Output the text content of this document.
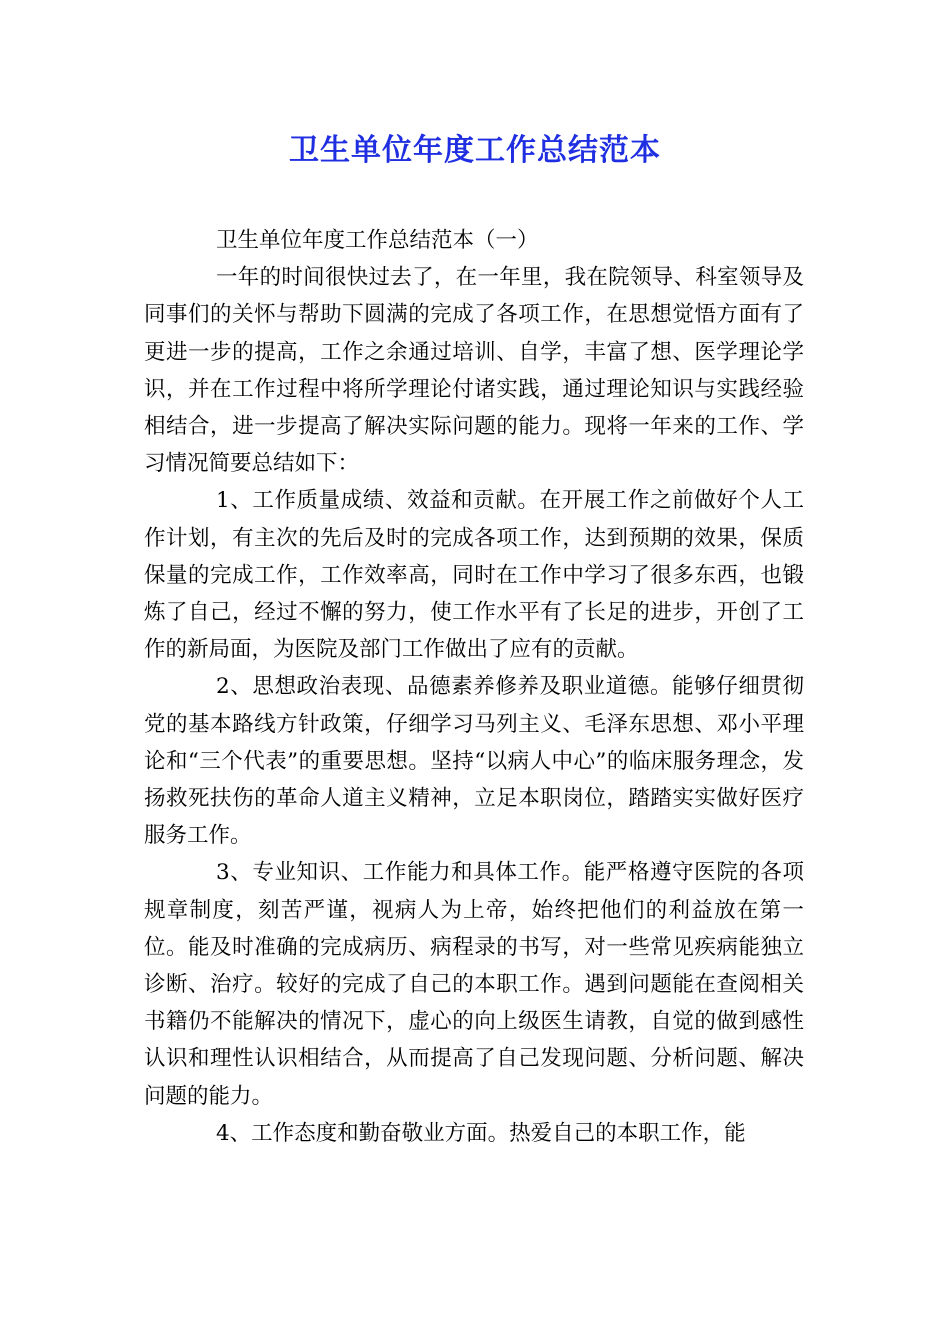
卫生单位年度工作总结范本

卫生单位年度工作总结范本（一）

一年的时间很快过去了，在一年里，我在院领导、科室领导及同事们的关怀与帮助下圆满的完成了各项工作，在思想觉悟方面有了更进一步的提高，工作之余通过培训、自学，丰富了想、医学理论学识，并在工作过程中将所学理论付诸实践，通过理论知识与实践经验相结合，进一步提高了解决实际问题的能力。现将一年来的工作、学习情况简要总结如下：

1、工作质量成绩、效益和贡献。在开展工作之前做好个人工作计划，有主次的先后及时的完成各项工作，达到预期的效果，保质保量的完成工作，工作效率高，同时在工作中学习了很多东西，也锻炼了自己，经过不懈的努力，使工作水平有了长足的进步，开创了工作的新局面，为医院及部门工作做出了应有的贡献。

2、思想政治表现、品德素养修养及职业道德。能够仔细贯彻党的基本路线方针政策，仔细学习马列主义、毛泽东思想、邓小平理论和“三个代表”的重要思想。坚持“以病人中心”的临床服务理念，发扬救死扶伤的革命人道主义精神，立足本职岗位，踏踏实实做好医疗服务工作。

3、专业知识、工作能力和具体工作。能严格遵守医院的各项规章制度，刻苦严谨，视病人为上帝，始终把他们的利益放在第一位。能及时准确的完成病历、病程录的书写，对一些常见疾病能独立诊断、治疗。较好的完成了自己的本职工作。遇到问题能在查阅相关书籍仍不能解决的情况下，虚心的向上级医生请教，自觉的做到感性认识和理性认识相结合，从而提高了自己发现问题、分析问题、解决问题的能力。

4、工作态度和勤奋敬业方面。热爱自己的本职工作，能
